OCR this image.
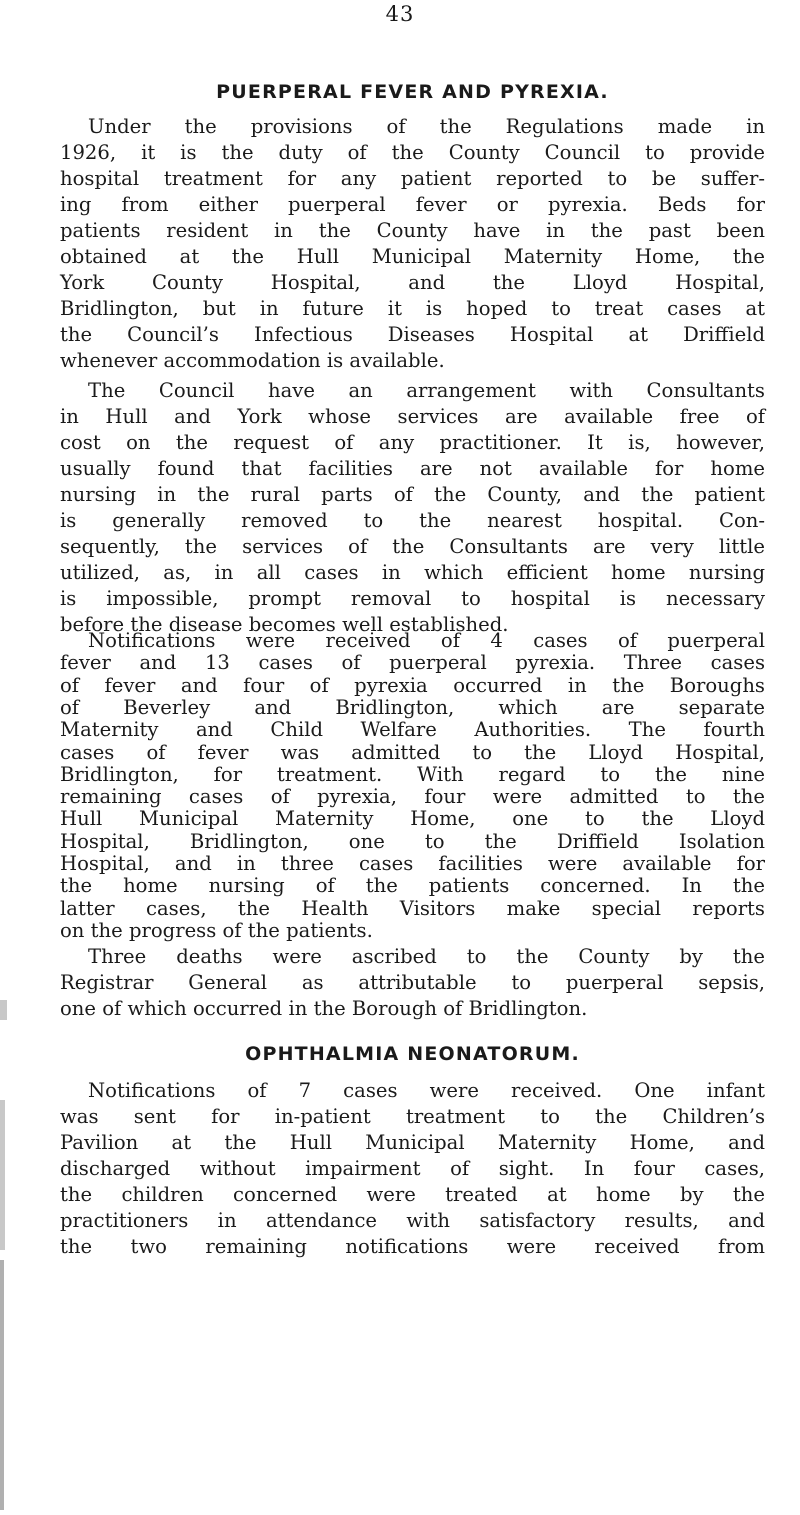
43
PUERPERAL FEVER AND PYREXIA.
Under the provisions of the Regulations made in
1926, it is the duty of the County Council to provide
hospital treatment for any patient reported to be suffer-
ing from either puerperal fever or pyrexia. Beds for
patients resident in the County have in the past been
obtained at the Hull Municipal Maternity Home, the
York County Hospital, and the Lloyd Hospital,
Bridlington, but in future it is hoped to treat cases at
the Council’s Infectious Diseases Hospital at Driffield
whenever accommodation is available.
The Council have an arrangement with Consultants
in Hull and York whose services are available free of
cost on the request of any practitioner. It is, however,
usually found that facilities are not available for home
nursing in the rural parts of the County, and the patient
is generally removed to the nearest hospital. Con-
sequently, the services of the Consultants are very little
utilized, as, in all cases in which efficient home nursing
is impossible, prompt removal to hospital is necessary
before the disease becomes well established.
Notifications were received of 4 cases of puerperal
fever and 13 cases of puerperal pyrexia. Three cases
of fever and four of pyrexia occurred in the Boroughs
of Beverley and Bridlington, which are separate
Maternity and Child Welfare Authorities. The fourth
cases of fever was admitted to the Lloyd Hospital,
Bridlington, for treatment. With regard to the nine
remaining cases of pyrexia, four were admitted to the
Hull Municipal Maternity Home, one to the Lloyd
Hospital, Bridlington, one to the Driffield Isolation
Hospital, and in three cases facilities were available for
the home nursing of the patients concerned. In the
latter cases, the Health Visitors make special reports
on the progress of the patients.
OPHTHALMIA NEONATORUM.
Notifications of 7 cases were received. One infant
was sent for in-patient treatment to the Children’s
Pavilion at the Hull Municipal Maternity Home, and
discharged without impairment of sight. In four cases,
the children concerned were treated at home by the
practitioners in attendance with satisfactory results, and
the two remaining notifications were received from
Three deaths were ascribed to the County by the
Registrar General as attributable to puerperal sepsis,
one of which occurred in the Borough of Bridlington.
